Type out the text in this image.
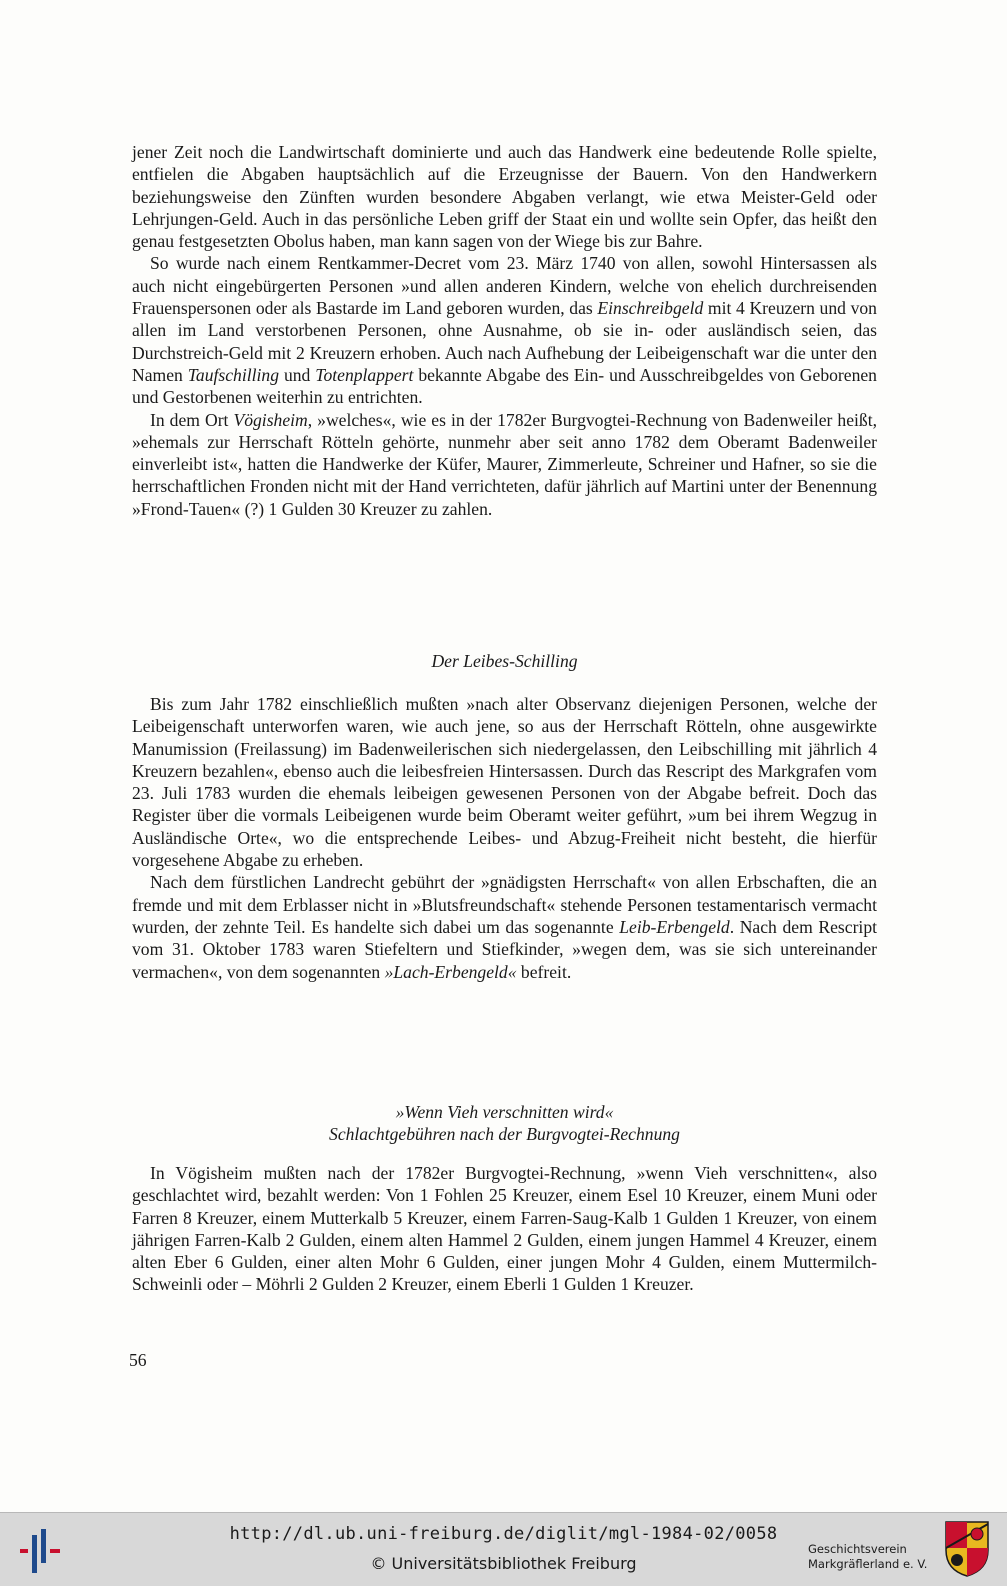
jener Zeit noch die Landwirtschaft dominierte und auch das Handwerk eine bedeutende Rolle spielte, entfielen die Abgaben hauptsächlich auf die Erzeugnisse der Bauern. Von den Handwerkern beziehungsweise den Zünften wurden besondere Abgaben verlangt, wie etwa Meister-Geld oder Lehrjungen-Geld. Auch in das persönliche Leben griff der Staat ein und wollte sein Opfer, das heißt den genau festgesetzten Obolus haben, man kann sagen von der Wiege bis zur Bahre.

So wurde nach einem Rentkammer-Decret vom 23. März 1740 von allen, sowohl Hintersassen als auch nicht eingebürgerten Personen »und allen anderen Kindern, welche von ehelich durchreisenden Frauenspersonen oder als Bastarde im Land geboren wurden, das Einschreibgeld mit 4 Kreuzern und von allen im Land verstorbenen Personen, ohne Ausnahme, ob sie in- oder ausländisch seien, das Durchstreich-Geld mit 2 Kreuzern erhoben. Auch nach Aufhebung der Leibeigenschaft war die unter den Namen Taufschilling und Totenplappert bekannte Abgabe des Ein- und Ausschreibgeldes von Geborenen und Gestorbenen weiterhin zu entrichten.

In dem Ort Vögisheim, »welches«, wie es in der 1782er Burgvogtei-Rechnung von Badenweiler heißt, »ehemals zur Herrschaft Rötteln gehörte, nunmehr aber seit anno 1782 dem Oberamt Badenweiler einverleibt ist«, hatten die Handwerke der Küfer, Maurer, Zimmerleute, Schreiner und Hafner, so sie die herrschaftlichen Fronden nicht mit der Hand verrichteten, dafür jährlich auf Martini unter der Benennung »Frond-Tauen« (?) 1 Gulden 30 Kreuzer zu zahlen.

Der Leibes-Schilling

Bis zum Jahr 1782 einschließlich mußten »nach alter Observanz diejenigen Personen, welche der Leibeigenschaft unterworfen waren, wie auch jene, so aus der Herrschaft Rötteln, ohne ausgewirkte Manumission (Freilassung) im Badenweilerischen sich niedergelassen, den Leibschilling mit jährlich 4 Kreuzern bezahlen«, ebenso auch die leibesfreien Hintersassen. Durch das Rescript des Markgrafen vom 23. Juli 1783 wurden die ehemals leibeigen gewesenen Personen von der Abgabe befreit. Doch das Register über die vormals Leibeigenen wurde beim Oberamt weiter geführt, »um bei ihrem Wegzug in Ausländische Orte«, wo die entsprechende Leibes- und Abzug-Freiheit nicht besteht, die hierfür vorgesehene Abgabe zu erheben.

Nach dem fürstlichen Landrecht gebührt der »gnädigsten Herrschaft« von allen Erbschaften, die an fremde und mit dem Erblasser nicht in »Blutsfreundschaft« stehende Personen testamentarisch vermacht wurden, der zehnte Teil. Es handelte sich dabei um das sogenannte Leib-Erbengeld. Nach dem Rescript vom 31. Oktober 1783 waren Stiefeltern und Stiefkinder, »wegen dem, was sie sich untereinander vermachen«, von dem sogenannten »Lach-Erbengeld« befreit.

»Wenn Vieh verschnitten wird«
Schlachtgebühren nach der Burgvogtei-Rechnung

In Vögisheim mußten nach der 1782er Burgvogtei-Rechnung, »wenn Vieh verschnitten«, also geschlachtet wird, bezahlt werden: Von 1 Fohlen 25 Kreuzer, einem Esel 10 Kreuzer, einem Muni oder Farren 8 Kreuzer, einem Mutterkalb 5 Kreuzer, einem Farren-Saug-Kalb 1 Gulden 1 Kreuzer, von einem jährigen Farren-Kalb 2 Gulden, einem alten Hammel 2 Gulden, einem jungen Hammel 4 Kreuzer, einem alten Eber 6 Gulden, einer alten Mohr 6 Gulden, einer jungen Mohr 4 Gulden, einem Muttermilch-Schweinli oder – Möhrli 2 Gulden 2 Kreuzer, einem Eberli 1 Gulden 1 Kreuzer.

56
http://dl.ub.uni-freiburg.de/diglit/mgl-1984-02/0058
© Universitätsbibliothek Freiburg
Geschichtsverein
Markgräflerland e. V.
